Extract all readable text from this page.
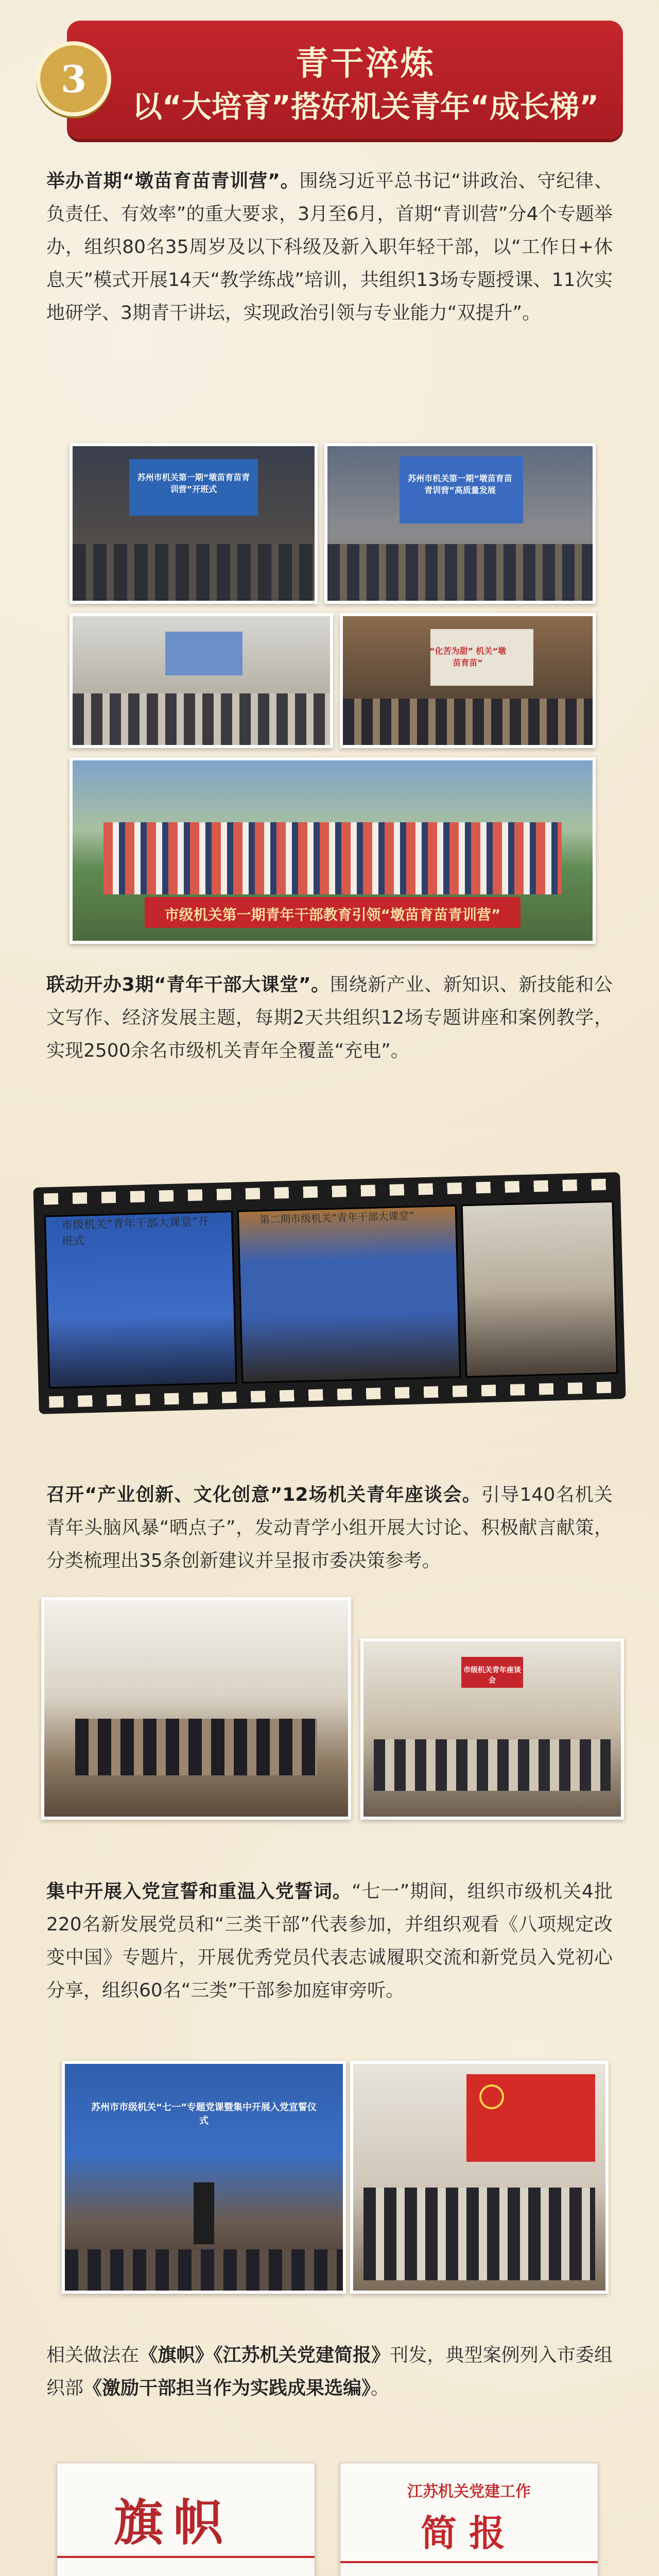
3	青干淬炼
以“大培育”搭好机关青年“成长梯”
举办首期“墩苗育苗青训营”。围绕习近平总书记“讲政治、守纪律、负责任、有效率”的重大要求，3月至6月，首期“青训营”分4个专题举办，组织80名35周岁及以下科级及新入职年轻干部，以“工作日+休息天”模式开展14天“教学练战”培训，共组织13场专题授课、11次实地研学、3期青干讲坛，实现政治引领与专业能力“双提升”。
苏州市机关第一期“墩苗育苗青训营”开班式
苏州市机关第一期“墩苗育苗青训营”高质量发展
“化苦为甜” 机关“墩苗育苗”
市级机关第一期青年干部教育引领“墩苗育苗青训营”
联动开办3期“青年干部大课堂”。围绕新产业、新知识、新技能和公文写作、经济发展主题，每期2天共组织12场专题讲座和案例教学，实现2500余名市级机关青年全覆盖“充电”。
市级机关“青年干部大课堂”开班式
第二期市级机关“青年干部大课堂”
召开“产业创新、文化创意”12场机关青年座谈会。引导140名机关青年头脑风暴“晒点子”，发动青学小组开展大讨论、积极献言献策，分类梳理出35条创新建议并呈报市委决策参考。
市级机关青年座谈会
集中开展入党宣誓和重温入党誓词。“七一”期间，组织市级机关4批220名新发展党员和“三类干部”代表参加，并组织观看《八项规定改变中国》专题片，开展优秀党员代表志诚履职交流和新党员入党初心分享，组织60名“三类”干部参加庭审旁听。
苏州市市级机关“七一”专题党课暨集中开展入党宣誓仪式
相关做法在《旗帜》《江苏机关党建简报》刊发，典型案例列入市委组织部《激励干部担当作为实践成果选编》。
旗帜
江苏机关党建工作
简报
